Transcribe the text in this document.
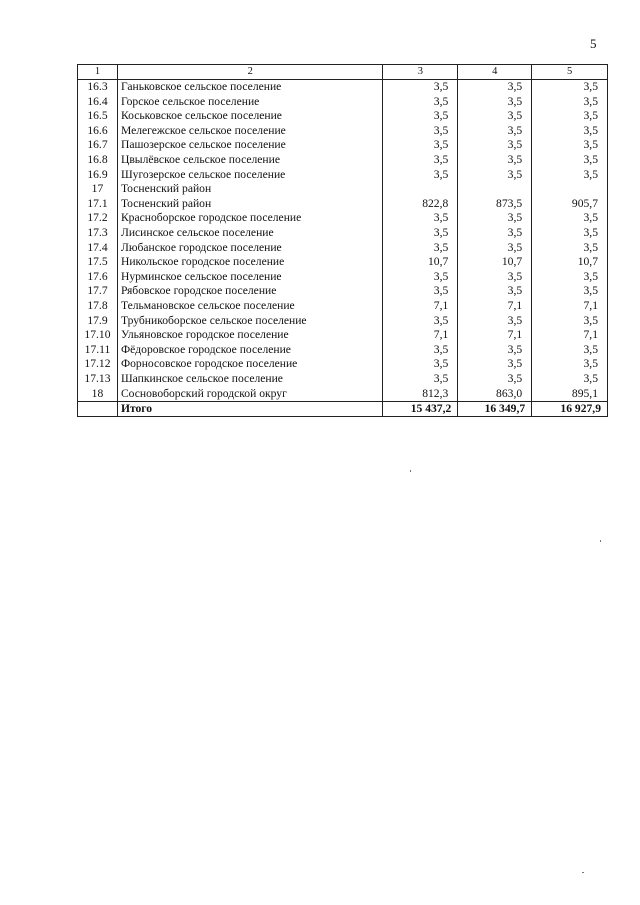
5
1	2	3	4	5
16.3	Ганьковское сельское поселение	3,5	3,5	3,5
16.4	Горское сельское поселение	3,5	3,5	3,5
16.5	Коськовское сельское поселение	3,5	3,5	3,5
16.6	Мелегежское сельское поселение	3,5	3,5	3,5
16.7	Пашозерское сельское поселение	3,5	3,5	3,5
16.8	Цвылёвское сельское поселение	3,5	3,5	3,5
16.9	Шугозерское сельское поселение	3,5	3,5	3,5
17	Тосненский район			
17.1	Тосненский район	822,8	873,5	905,7
17.2	Красноборское городское поселение	3,5	3,5	3,5
17.3	Лисинское сельское поселение	3,5	3,5	3,5
17.4	Любанское городское поселение	3,5	3,5	3,5
17.5	Никольское городское поселение	10,7	10,7	10,7
17.6	Нурминское сельское поселение	3,5	3,5	3,5
17.7	Рябовское городское поселение	3,5	3,5	3,5
17.8	Тельмановское сельское поселение	7,1	7,1	7,1
17.9	Трубникоборское сельское поселение	3,5	3,5	3,5
17.10	Ульяновское городское поселение	7,1	7,1	7,1
17.11	Фёдоровское городское поселение	3,5	3,5	3,5
17.12	Форносовское городское поселение	3,5	3,5	3,5
17.13	Шапкинское сельское поселение	3,5	3,5	3,5
18	Сосновоборский городской округ	812,3	863,0	895,1
	Итого	15 437,2	16 349,7	16 927,9
